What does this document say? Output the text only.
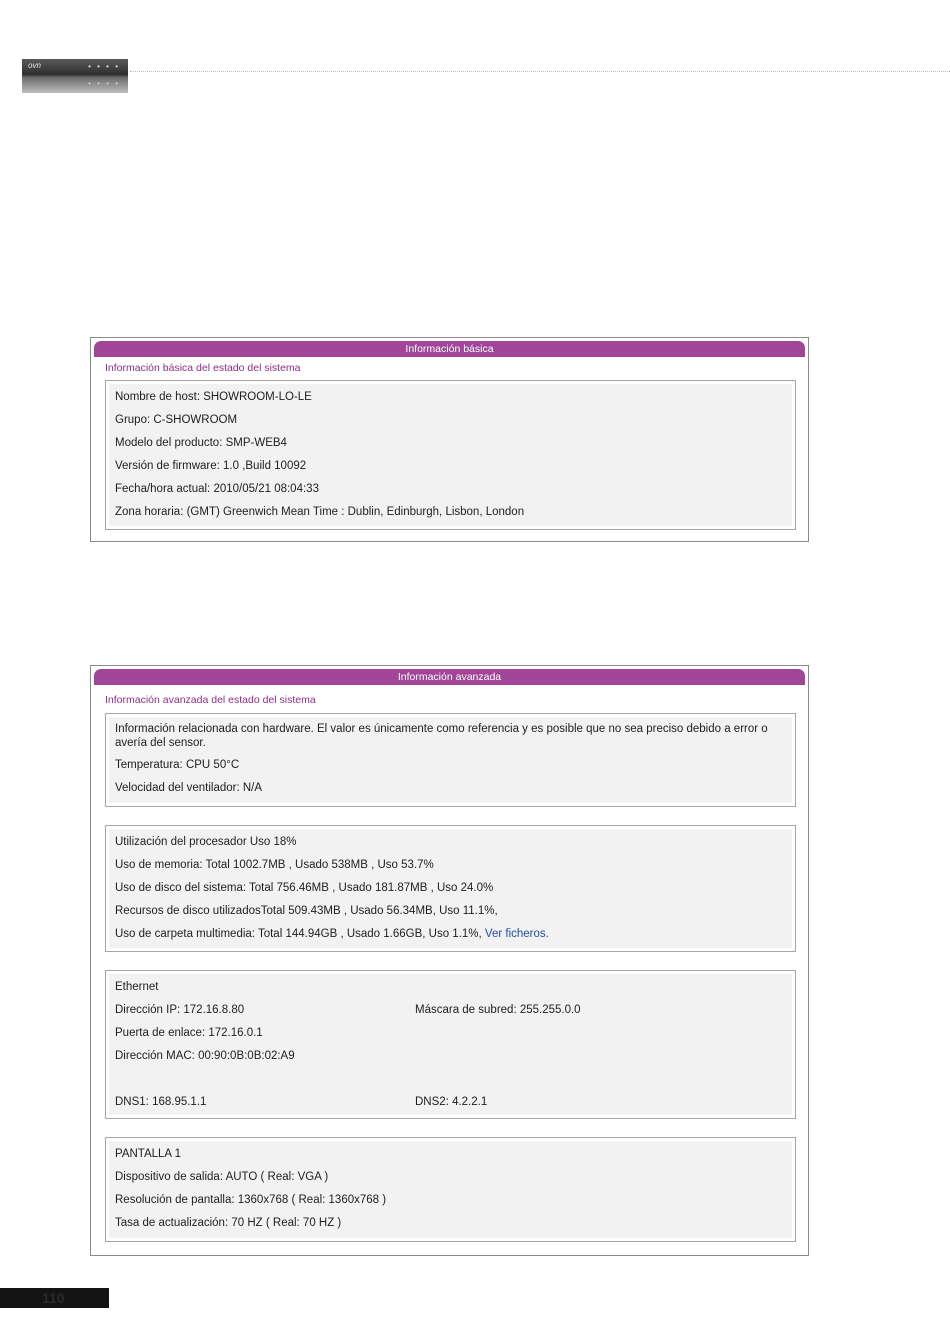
ovn	• • • •
• • • •
Información básica
Información básica del estado del sistema
Nombre de host: SHOWROOM-LO-LE
Grupo: C-SHOWROOM
Modelo del producto: SMP-WEB4
Versión de firmware: 1.0 ,Build 10092
Fecha/hora actual: 2010/05/21 08:04:33
Zona horaria: (GMT) Greenwich Mean Time : Dublin, Edinburgh, Lisbon, London
Información avanzada
Información avanzada del estado del sistema
Información relacionada con hardware. El valor es únicamente como referencia y es posible que no sea preciso debido a error o avería del sensor.
Temperatura: CPU 50°C
Velocidad del ventilador: N/A
Utilización del procesador Uso 18%
Uso de memoria: Total 1002.7MB , Usado 538MB , Uso 53.7%
Uso de disco del sistema: Total 756.46MB , Usado 181.87MB , Uso 24.0%
Recursos de disco utilizadosTotal 509.43MB , Usado 56.34MB, Uso 11.1%,
Uso de carpeta multimedia: Total 144.94GB , Usado 1.66GB, Uso 1.1%, Ver ficheros.
Ethernet
Dirección IP: 172.16.8.80	Máscara de subred: 255.255.0.0
Puerta de enlace: 172.16.0.1
Dirección MAC: 00:90:0B:0B:02:A9
DNS1: 168.95.1.1	DNS2: 4.2.2.1
PANTALLA 1
Dispositivo de salida: AUTO ( Real: VGA )
Resolución de pantalla: 1360x768 ( Real: 1360x768 )
Tasa de actualización: 70 HZ ( Real: 70 HZ )
110
